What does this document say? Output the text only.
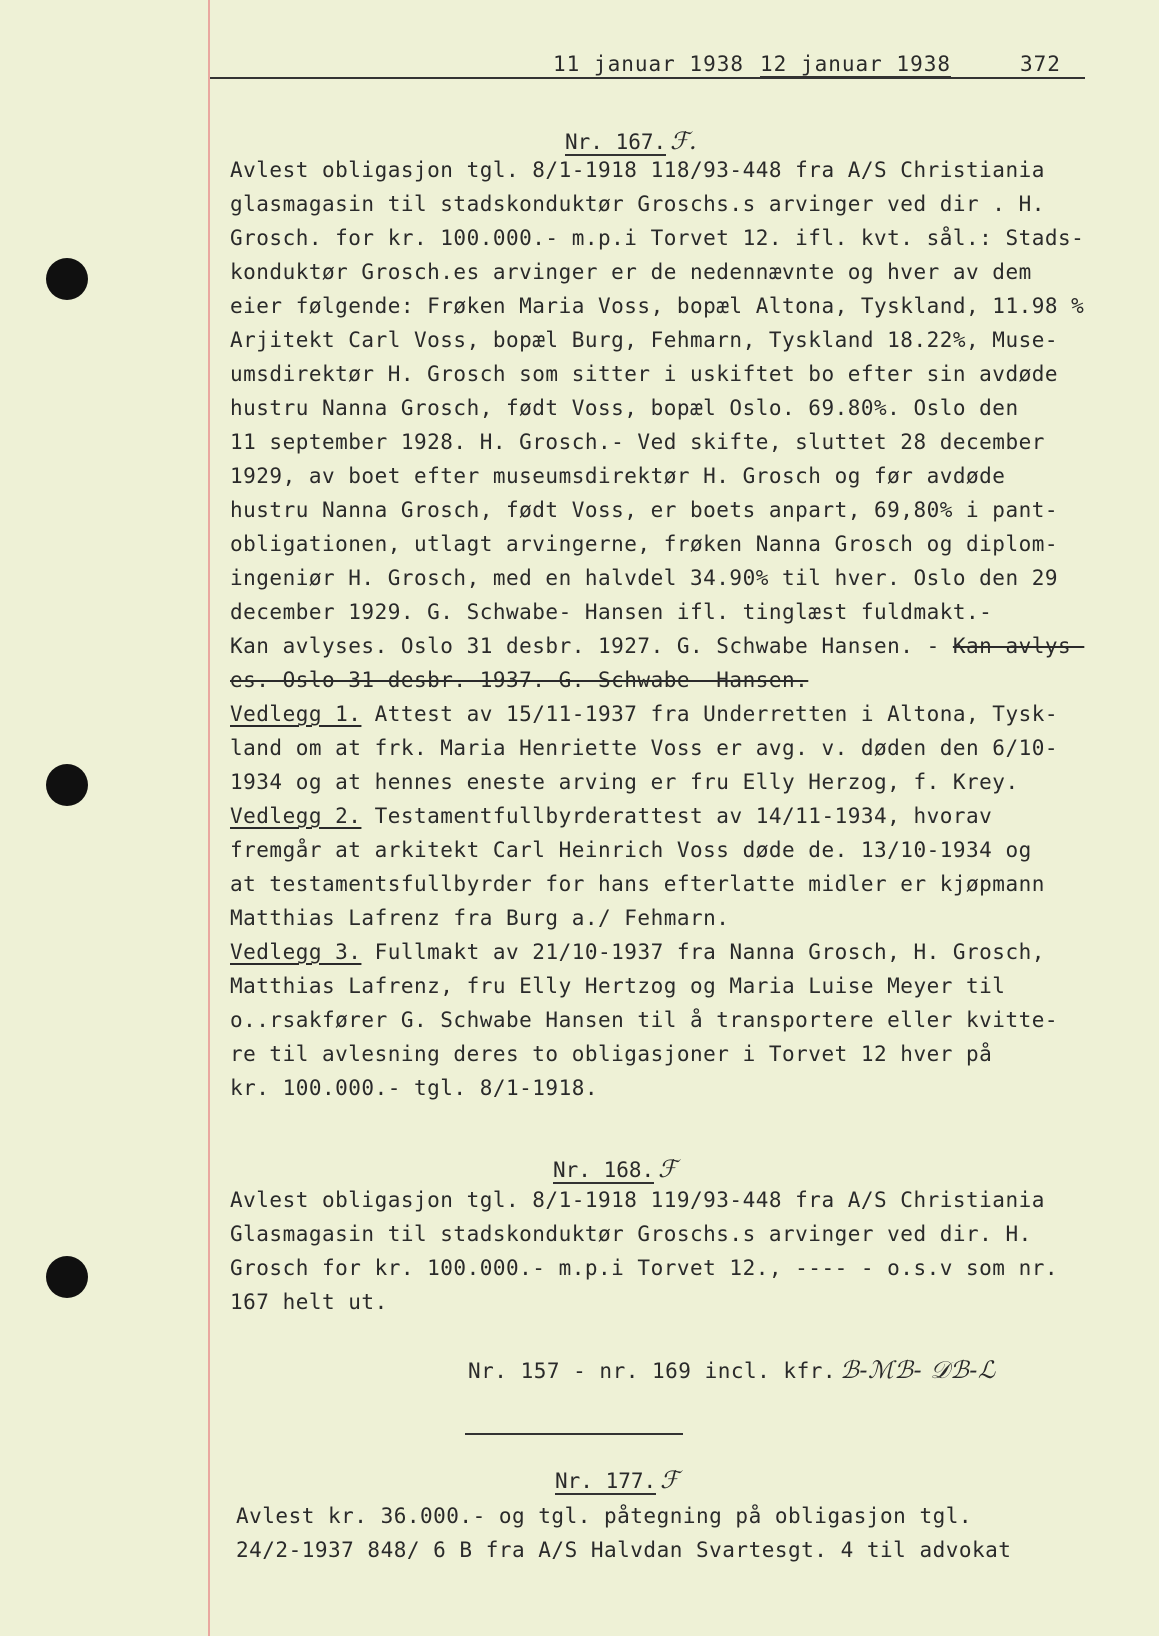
11 januar 1938 12 januar 1938	372
Nr. 167. ℱ.
Avlest obligasjon tgl. 8/1-1918 118/93-448 fra A/S Christiania
glasmagasin til stadskonduktør Groschs.s arvinger ved dir . H.
Grosch. for kr. 100.000.- m.p.i Torvet 12. ifl. kvt. sål.: Stads-
konduktør Grosch.es arvinger er de nedennævnte og hver av dem
eier følgende: Frøken Maria Voss, bopæl Altona, Tyskland, 11.98 %
Arjitekt Carl Voss, bopæl Burg, Fehmarn, Tyskland 18.22%, Muse-
umsdirektør H. Grosch som sitter i uskiftet bo efter sin avdøde
hustru Nanna Grosch, født Voss, bopæl Oslo. 69.80%. Oslo den
11 september 1928. H. Grosch.- Ved skifte, sluttet 28 december
1929, av boet efter museumsdirektør H. Grosch og før avdøde
hustru Nanna Grosch, født Voss, er boets anpart, 69,80% i pant-
obligationen, utlagt arvingerne, frøken Nanna Grosch og diplom-
ingeniør H. Grosch, med en halvdel 34.90% til hver. Oslo den 29
december 1929. G. Schwabe- Hansen ifl. tinglæst fuldmakt.-
Kan avlyses. Oslo 31 desbr. 1927. G. Schwabe Hansen. - Kan avlys-
es. Oslo 31 desbr. 1937. G. Schwabe- Hansen.
Vedlegg 1. Attest av 15/11-1937 fra Underretten i Altona, Tysk-
land om at frk. Maria Henriette Voss er avg. v. døden den 6/10-
1934 og at hennes eneste arving er fru Elly Herzog, f. Krey.
Vedlegg 2. Testamentfullbyrderattest av 14/11-1934, hvorav
fremgår at arkitekt Carl Heinrich Voss døde de. 13/10-1934 og
at testamentsfullbyrder for hans efterlatte midler er kjøpmann
Matthias Lafrenz fra Burg a./ Fehmarn.
Vedlegg 3. Fullmakt av 21/10-1937 fra Nanna Grosch, H. Grosch,
Matthias Lafrenz, fru Elly Hertzog og Maria Luise Meyer til
o..rsakfører G. Schwabe Hansen til å transportere eller kvitte-
re til avlesning deres to obligasjoner i Torvet 12 hver på
kr. 100.000.- tgl. 8/1-1918.
Nr. 168. ℱ
Avlest obligasjon tgl. 8/1-1918 119/93-448 fra A/S Christiania
Glasmagasin til stadskonduktør Groschs.s arvinger ved dir. H.
Grosch for kr. 100.000.- m.p.i Torvet 12., ---- - o.s.v som nr.
167 helt ut.
Nr. 157 - nr. 169 incl. kfr. ℬ-ℳℬ- 𝒟ℬ-ℒ
Nr. 177. ℱ
Avlest kr. 36.000.- og tgl. påtegning på obligasjon tgl.
24/2-1937 848/ 6 B fra A/S Halvdan Svartesgt. 4 til advokat
